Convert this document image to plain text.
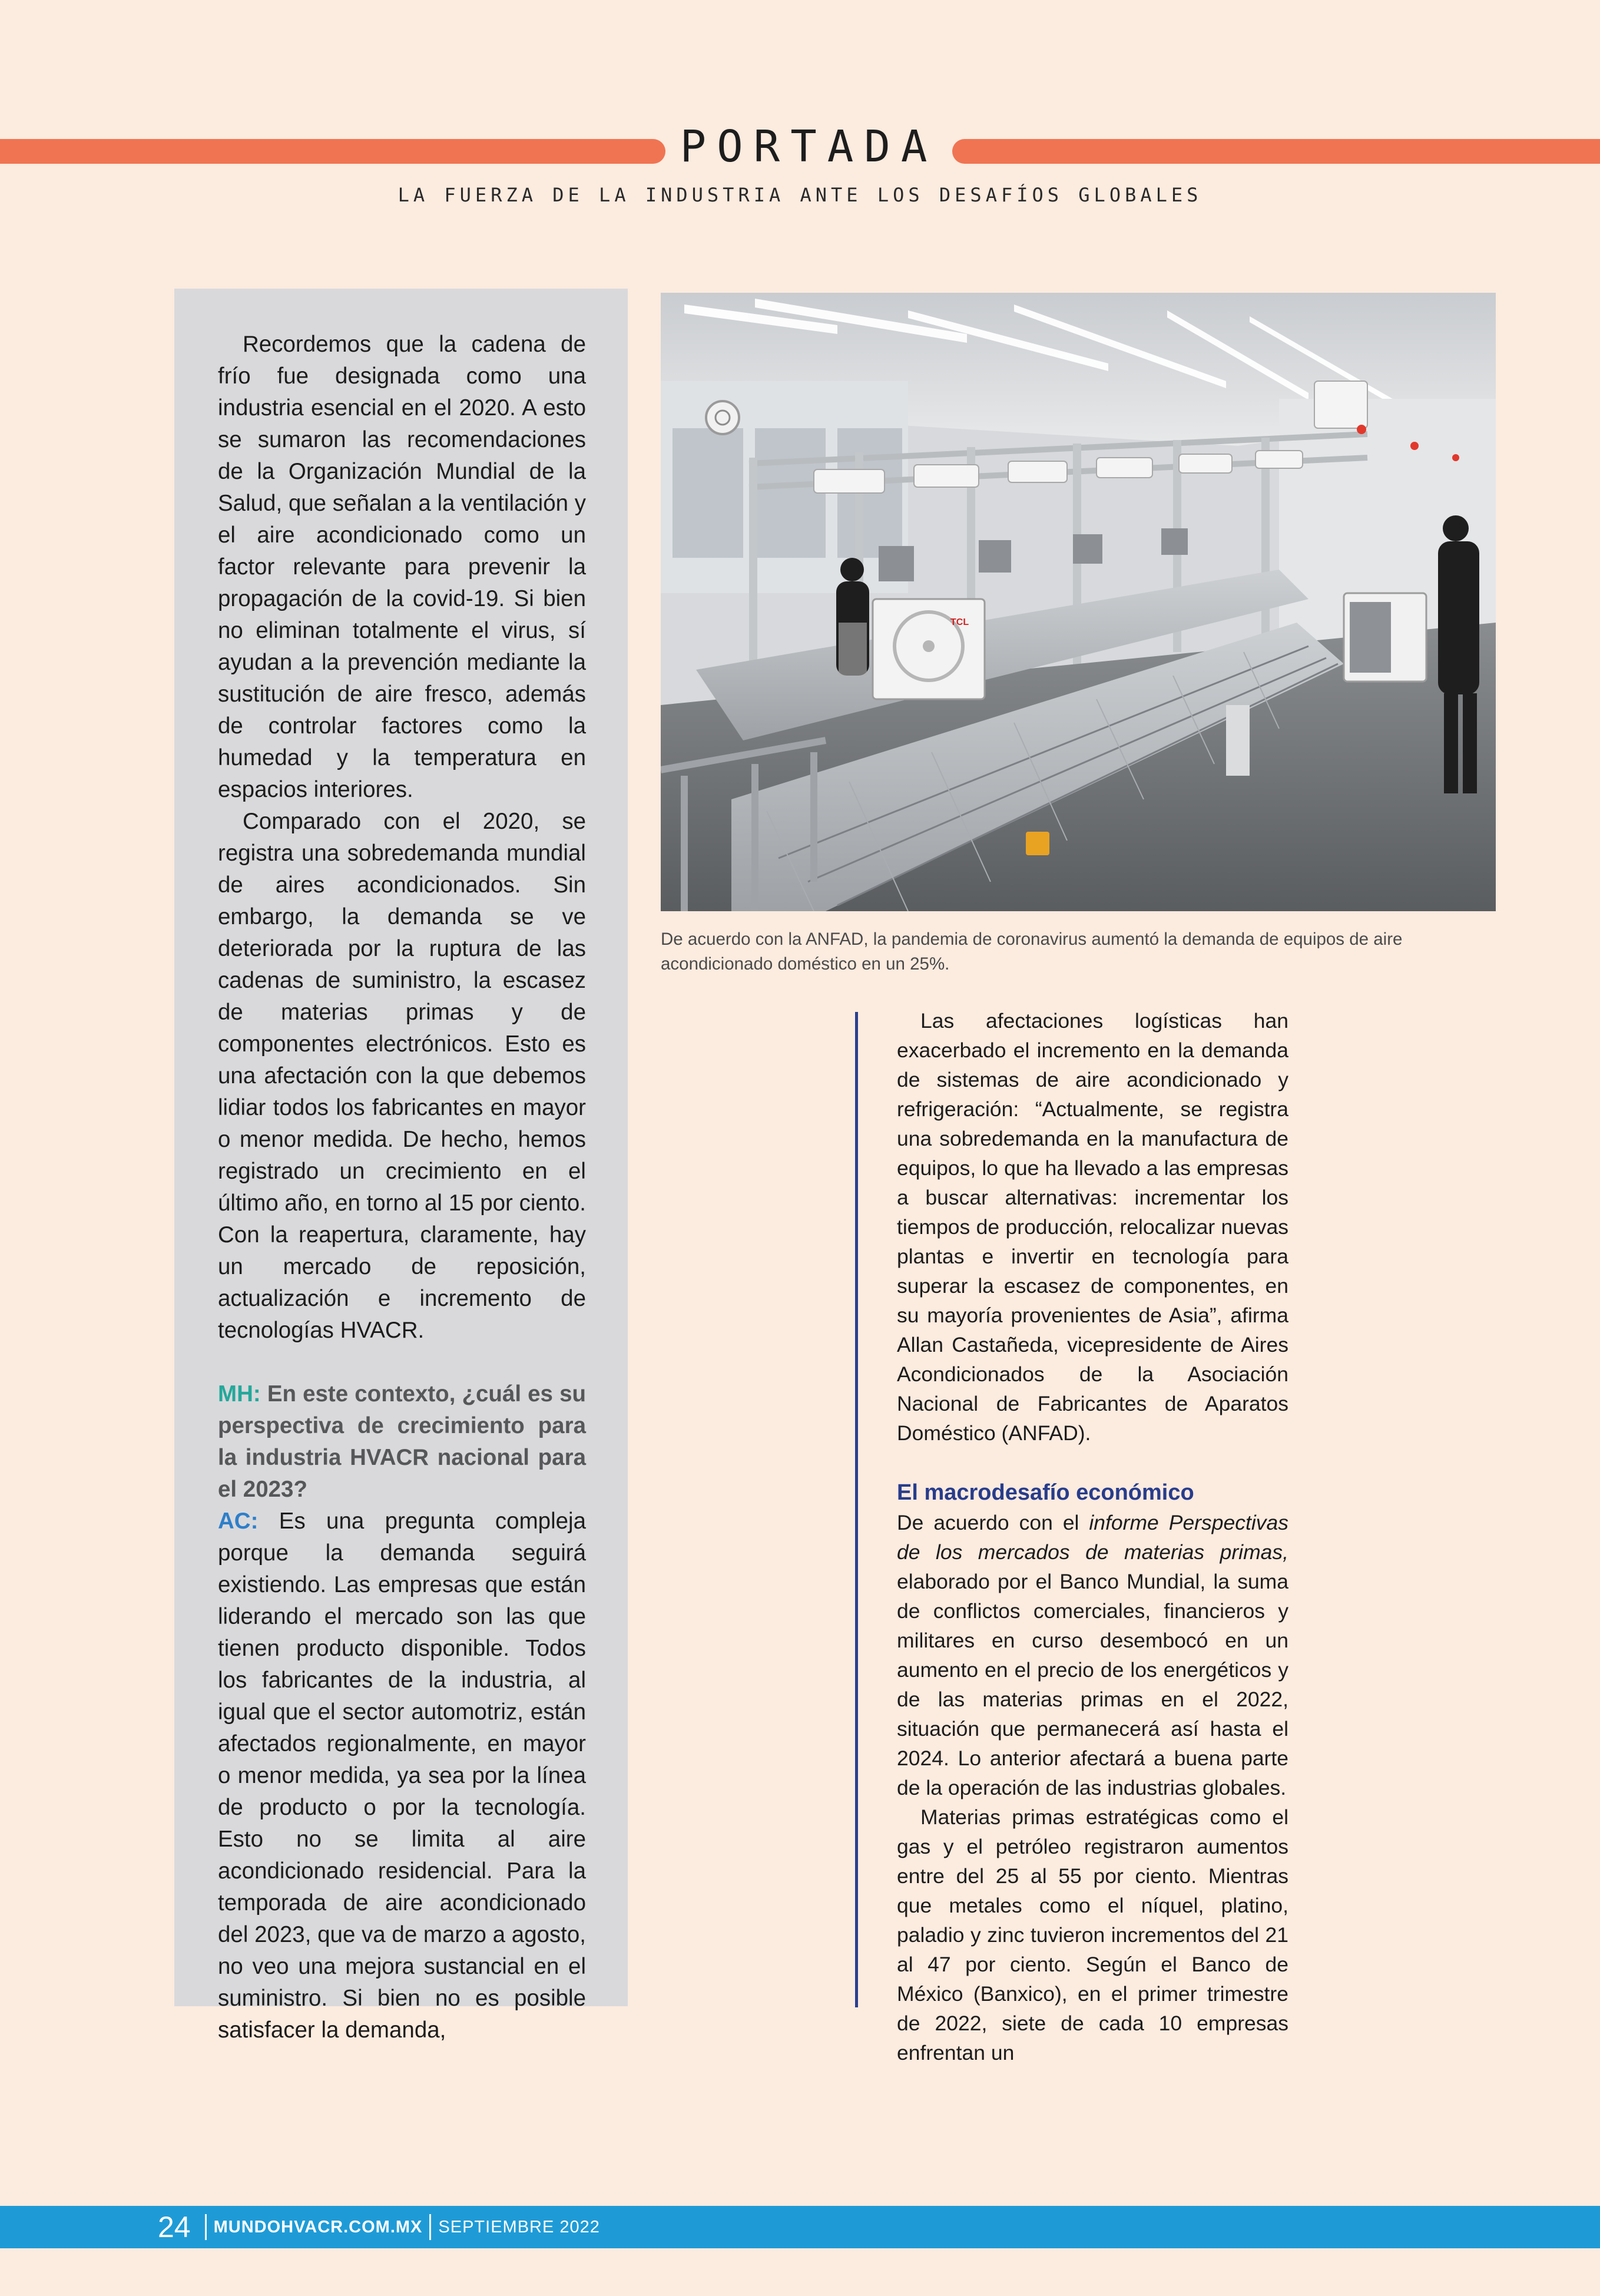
PORTADA
LA FUERZA DE LA INDUSTRIA ANTE LOS DESAFÍOS GLOBALES

Recordemos que la cadena de frío fue designada como una industria esencial en el 2020. A esto se sumaron las recomendaciones de la Organización Mundial de la Salud, que señalan a la ventilación y el aire acondicionado como un factor relevante para prevenir la propagación de la covid-19. Si bien no eliminan totalmente el virus, sí ayudan a la prevención mediante la sustitución de aire fresco, además de controlar factores como la humedad y la temperatura en espacios interiores.

Comparado con el 2020, se registra una sobredemanda mundial de aires acondicionados. Sin embargo, la demanda se ve deteriorada por la ruptura de las cadenas de suministro, la escasez de materias primas y de componentes electrónicos. Esto es una afectación con la que debemos lidiar todos los fabricantes en mayor o menor medida. De hecho, hemos registrado un crecimiento en el último año, en torno al 15 por ciento. Con la reapertura, claramente, hay un mercado de reposición, actualización e incremento de tecnologías HVACR.

MH: En este contexto, ¿cuál es su perspectiva de crecimiento para la industria HVACR nacional para el 2023?

AC: Es una pregunta compleja porque la demanda seguirá existiendo. Las empresas que están liderando el mercado son las que tienen producto disponible. Todos los fabricantes de la industria, al igual que el sector automotriz, están afectados regionalmente, en mayor o menor medida, ya sea por la línea de producto o por la tecnología. Esto no se limita al aire acondicionado residencial. Para la temporada de aire acondicionado del 2023, que va de marzo a agosto, no veo una mejora sustancial en el suministro. Si bien no es posible satisfacer la demanda,

TCL
De acuerdo con la ANFAD, la pandemia de coronavirus aumentó la demanda de equipos de aire acondicionado doméstico en un 25%.

Las afectaciones logísticas han exacerbado el incremento en la demanda de sistemas de aire acondicionado y refrigeración: “Actualmente, se registra una sobredemanda en la manufactura de equipos, lo que ha llevado a las empresas a buscar alternativas: incrementar los tiempos de producción, relocalizar nuevas plantas e invertir en tecnología para superar la escasez de componentes, en su mayoría provenientes de Asia”, afirma Allan Castañeda, vicepresidente de Aires Acondicionados de la Asociación Nacional de Fabricantes de Aparatos Doméstico (ANFAD).

El macrodesafío económico

De acuerdo con el informe Perspectivas de los mercados de materias primas, elaborado por el Banco Mundial, la suma de conflictos comerciales, financieros y militares en curso desembocó en un aumento en el precio de los energéticos y de las materias primas en el 2022, situación que permanecerá así hasta el 2024. Lo anterior afectará a buena parte de la operación de las industrias globales.

Materias primas estratégicas como el gas y el petróleo registraron aumentos entre del 25 al 55 por ciento. Mientras que metales como el níquel, platino, paladio y zinc tuvieron incrementos del 21 al 47 por ciento. Según el Banco de México (Banxico), en el primer trimestre de 2022, siete de cada 10 empresas enfrentan un

24 MUNDOHVACR.COM.MX SEPTIEMBRE 2022
